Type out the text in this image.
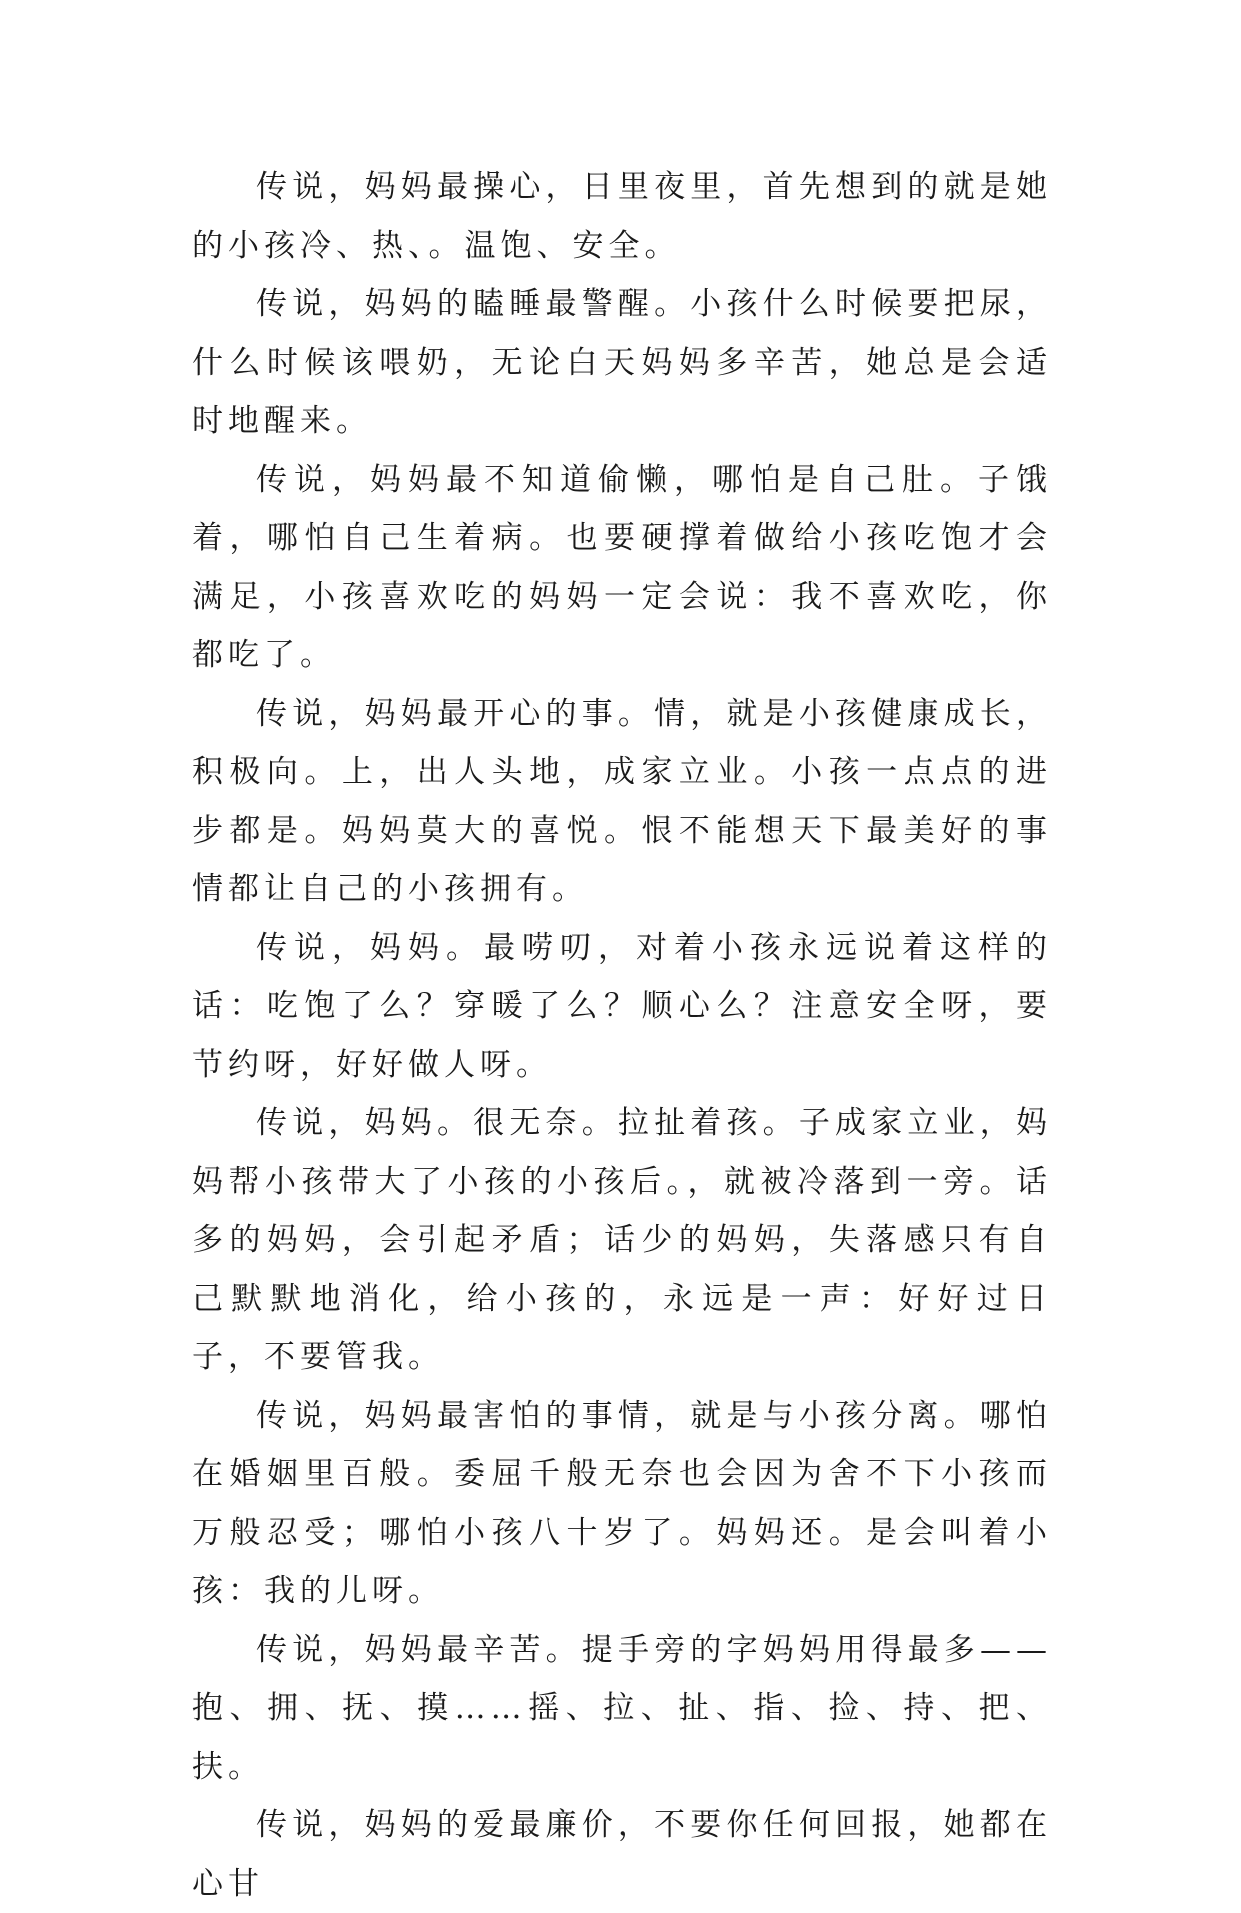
传说，妈妈最操心，日里夜里，首先想到的就是她的小孩冷、热、。温饱、安全。

传说，妈妈的瞌睡最警醒。小孩什么时候要把尿，什么时候该喂奶，无论白天妈妈多辛苦，她总是会适时地醒来。

传说，妈妈最不知道偷懒，哪怕是自己肚。子饿着，哪怕自己生着病。也要硬撑着做给小孩吃饱才会满足，小孩喜欢吃的妈妈一定会说：我不喜欢吃，你都吃了。

传说，妈妈最开心的事。情，就是小孩健康成长，积极向。上，出人头地，成家立业。小孩一点点的进步都是。妈妈莫大的喜悦。恨不能想天下最美好的事情都让自己的小孩拥有。

传说，妈妈。最唠叨，对着小孩永远说着这样的话：吃饱了么？穿暖了么？顺心么？注意安全呀，要节约呀，好好做人呀。

传说，妈妈。很无奈。拉扯着孩。子成家立业，妈妈帮小孩带大了小孩的小孩后。，就被冷落到一旁。话多的妈妈，会引起矛盾；话少的妈妈，失落感只有自己默默地消化，给小孩的，永远是一声：好好过日子，不要管我。

传说，妈妈最害怕的事情，就是与小孩分离。哪怕在婚姻里百般。委屈千般无奈也会因为舍不下小孩而万般忍受；哪怕小孩八十岁了。妈妈还。是会叫着小孩：我的儿呀。

传说，妈妈最辛苦。提手旁的字妈妈用得最多——抱、拥、抚、摸……摇、拉、扯、指、捡、持、把、扶。

传说，妈妈的爱最廉价，不要你任何回报，她都在心甘
